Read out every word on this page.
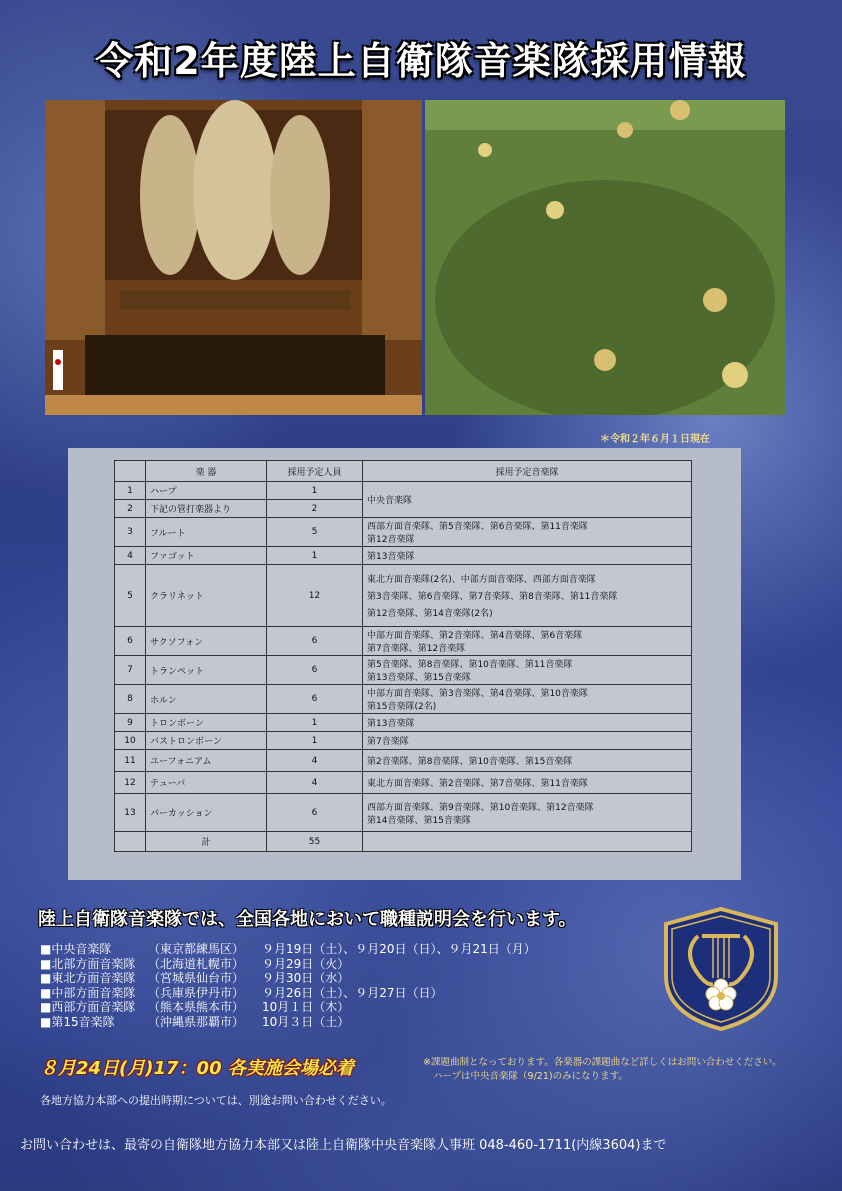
令和2年度陸上自衛隊音楽隊採用情報
＊令和２年６月１日現在
	楽 器	採用予定人員	採用予定音楽隊
1	ハープ	1	中央音楽隊

2	下記の管打楽器より	2	
3	フルート	5	西部方面音楽隊、第5音楽隊、第6音楽隊、第11音楽隊
第12音楽隊

4	ファゴット	1	第13音楽隊

5	クラリネット	12	東北方面音楽隊(2名)、中部方面音楽隊、西部方面音楽隊
第3音楽隊、第6音楽隊、第7音楽隊、第8音楽隊、第11音楽隊
第12音楽隊、第14音楽隊(2名)

6	サクソフォン	6	中部方面音楽隊、第2音楽隊、第4音楽隊、第6音楽隊
第7音楽隊、第12音楽隊

7	トランペット	6	第5音楽隊、第8音楽隊、第10音楽隊、第11音楽隊
第13音楽隊、第15音楽隊

8	ホルン	6	中部方面音楽隊、第3音楽隊、第4音楽隊、第10音楽隊
第15音楽隊(2名)

9	トロンボーン	1	第13音楽隊

10	バストロンボーン	1	第7音楽隊

11	ユーフォニアム	4	第2音楽隊、第8音楽隊、第10音楽隊、第15音楽隊

12	テューバ	4	東北方面音楽隊、第2音楽隊、第7音楽隊、第11音楽隊

13	パーカッション	6	西部方面音楽隊、第9音楽隊、第10音楽隊、第12音楽隊
第14音楽隊、第15音楽隊

	計	55	
陸上自衛隊音楽隊では、全国各地において職種説明会を行います。
■中央音楽隊	（東京都練馬区） ９月19日（土）、９月20日（日）、９月21日（月）
■北部方面音楽隊 （北海道札幌市） ９月29日（火）
■東北方面音楽隊 （宮城県仙台市） ９月30日（水）
■中部方面音楽隊 （兵庫県伊丹市） ９月26日（土）、９月27日（日）
■西部方面音楽隊 （熊本県熊本市） 10月１日（木）
■第15音楽隊	（沖縄県那覇市） 10月３日（土）
８月24日(月)17：00 各実施会場必着	※課題曲制となっております。各楽器の課題曲など詳しくはお問い合わせください。
ハープは中央音楽隊（9/21)のみになります。
各地方協力本部への提出時期については、別途お問い合わせください。
お問い合わせは、最寄の自衛隊地方協力本部又は陸上自衛隊中央音楽隊人事班 048-460-1711(内線3604)まで
